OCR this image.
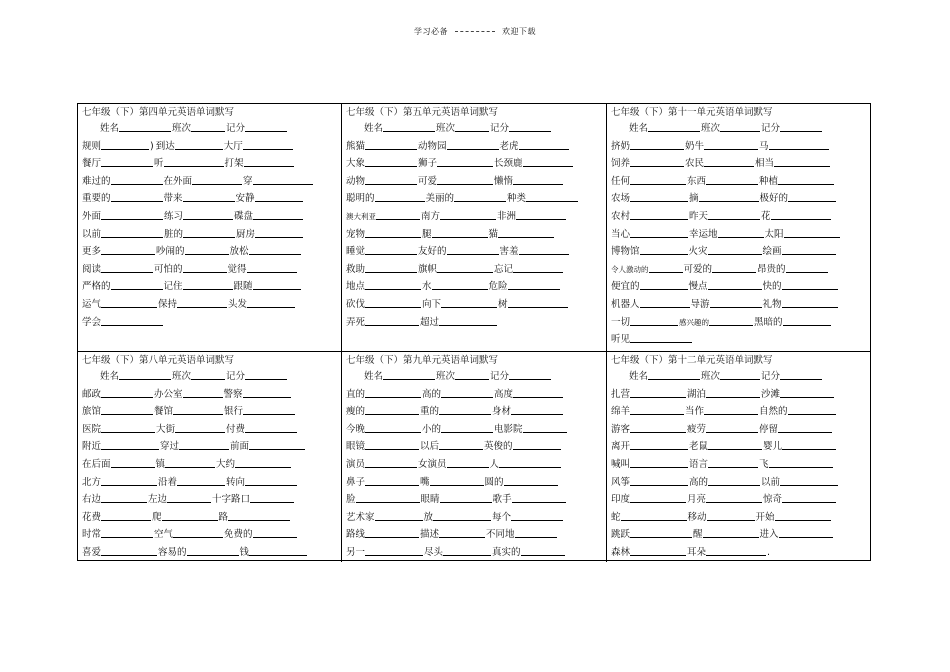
学习必备	欢迎下载
七年级（下）第四单元英语单词默写
姓名	班次	记分
规则	) 到达	大厅
餐厅	听	打架
难过的	在外面	穿
重要的	带来	安静
外面	练习	碟盘
以前	脏的	厨房
更多	吵闹的	放松
阅读	可怕的	觉得
严格的	记住	跟随
运气	保持	头发
学会
七年级（下）第五单元英语单词默写
姓名	班次	记分
熊猫	动物园	老虎
大象	狮子	长颈鹿
动物	可爱	懒惰
聪明的	美丽的	种类
澳大利亚	南方	非洲
宠物	腿	猫
睡觉	友好的	害羞
救助	旗帜	忘记
地点	水	危险
砍伐	向下	树
弄死	超过
七年级（下）第十一单元英语单词默写
姓名	班次	记分
挤奶	奶牛	马
饲养	农民	相当
任何	东西	种植
农场	摘	极好的
农村	昨天	花
当心	幸运地	太阳
博物馆	火灾	绘画
令人激动的	可爱的	昂贵的
便宜的	慢点	快的
机器人	导游	礼物
一切	感兴趣的	黑暗的
听见
七年级（下）第八单元英语单词默写
姓名	班次	记分
邮政	办公室	警察
旅馆	餐馆	银行
医院	大街	付费
附近	穿过	前面
在后面	镇	大约
北方	沿着	转向
右边	左边	十字路口
花费	爬	路
时常	空气	免费的
喜爱	容易的	钱
七年级（下）第九单元英语单词默写
姓名	班次	记分
直的	高的	高度
瘦的	重的	身材
今晚	小的	电影院
眼镜	以后	英俊的
演员	女演员	人
鼻子	嘴	圆的
脸	眼睛	歌手
艺术家	放	每个
路线	描述	不同地
另一	尽头	真实的
七年级（下）第十二单元英语单词默写
姓名	班次	记分
扎营	湖泊	沙滩
绵羊	当作	自然的
游客	疲劳	停留
离开	老鼠	婴儿
喊叫	语言	飞
风筝	高的	以前
印度	月亮	惊奇
蛇	移动	开始
跳跃	醒	进入
森林	耳朵	.
